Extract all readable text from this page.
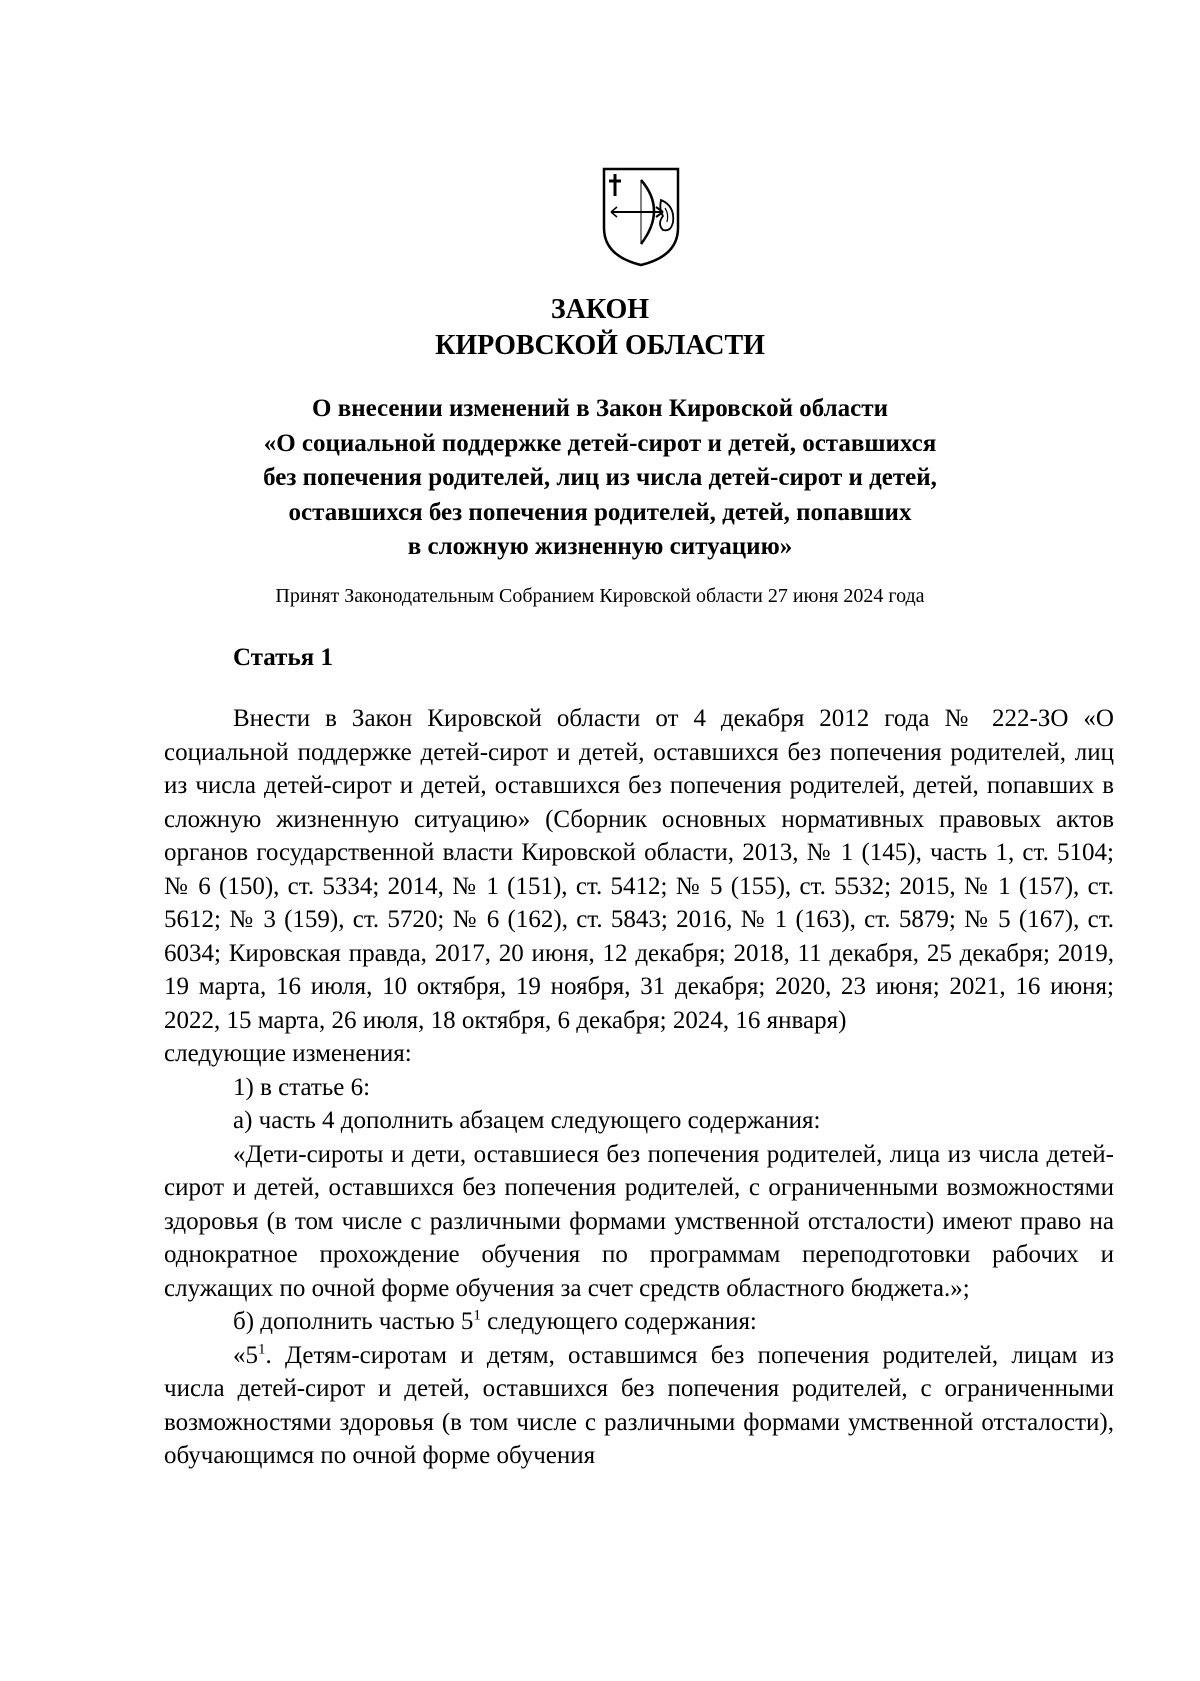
ЗАКОН
КИРОВСКОЙ ОБЛАСТИ
О внесении изменений в Закон Кировской области
«О социальной поддержке детей-сирот и детей, оставшихся
без попечения родителей, лиц из числа детей-сирот и детей,
оставшихся без попечения родителей, детей, попавших
в сложную жизненную ситуацию»
Принят Законодательным Собранием Кировской области 27 июня 2024 года
Статья 1

Внести в Закон Кировской области от 4 декабря 2012 года № 222-ЗО «О социальной поддержке детей-сирот и детей, оставшихся без попечения родителей, лиц из числа детей-сирот и детей, оставшихся без попечения родителей, детей, попавших в сложную жизненную ситуацию» (Сборник основных нормативных правовых актов органов государственной власти Кировской области, 2013, № 1 (145), часть 1, ст. 5104; № 6 (150), ст. 5334; 2014, № 1 (151), ст. 5412; № 5 (155), ст. 5532; 2015, № 1 (157), ст. 5612; № 3 (159), ст. 5720; № 6 (162), ст. 5843; 2016, № 1 (163), ст. 5879; № 5 (167), ст. 6034; Кировская правда, 2017, 20 июня, 12 декабря; 2018, 11 декабря, 25 декабря; 2019, 19 марта, 16 июля, 10 октября, 19 ноября, 31 декабря; 2020, 23 июня; 2021, 16 июня; 2022, 15 марта, 26 июля, 18 октября, 6 декабря; 2024, 16 января)

следующие изменения:

1) в статье 6:

а) часть 4 дополнить абзацем следующего содержания:

«Дети-сироты и дети, оставшиеся без попечения родителей, лица из числа детей-сирот и детей, оставшихся без попечения родителей, с ограниченными возможностями здоровья (в том числе с различными формами умственной отсталости) имеют право на однократное прохождение обучения по программам переподготовки рабочих и служащих по очной форме обучения за счет средств областного бюджета.»;

б) дополнить частью $5^1$ следующего содержания:

«$5^1$. Детям-сиротам и детям, оставшимся без попечения родителей, лицам из числа детей-сирот и детей, оставшихся без попечения родителей, с ограниченными возможностями здоровья (в том числе с различными формами умственной отсталости), обучающимся по очной форме обучения
